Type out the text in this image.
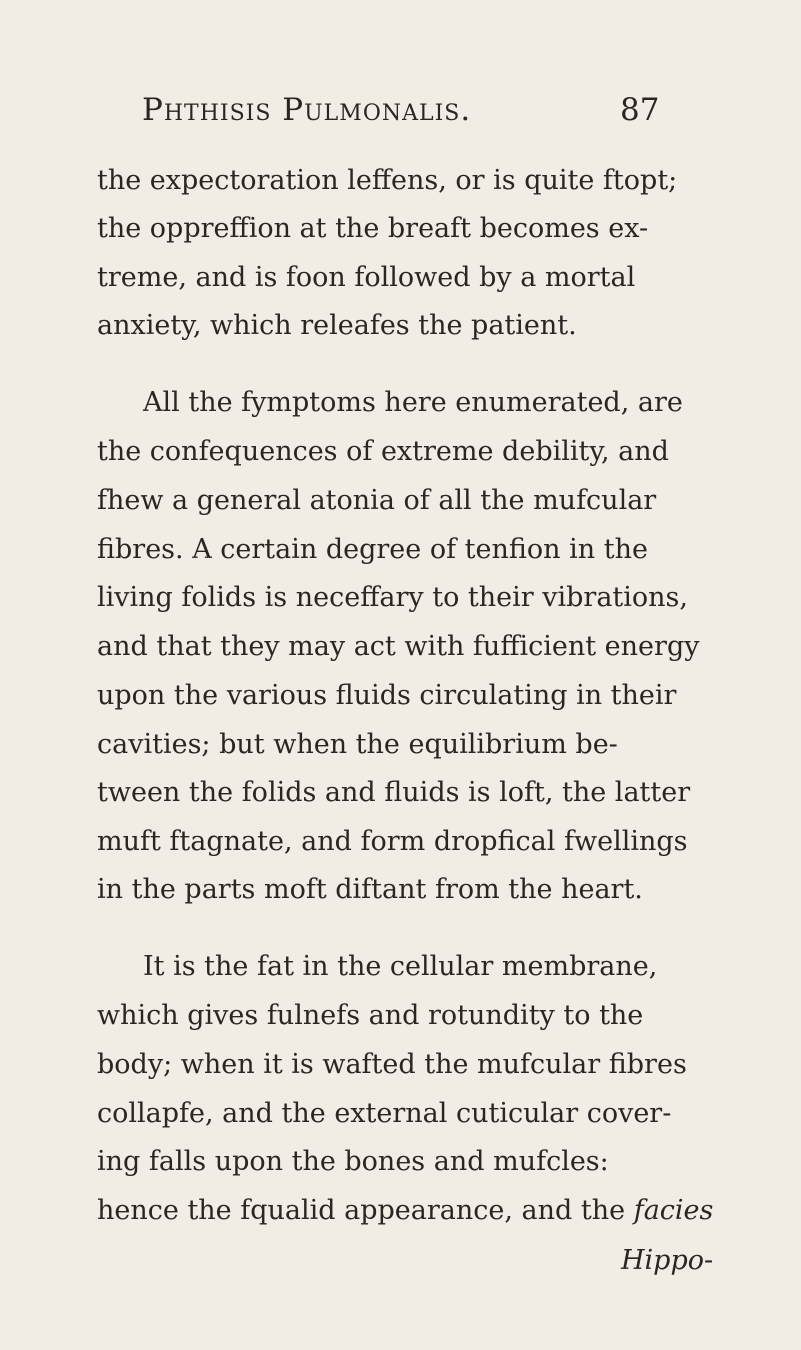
Phthisis Pulmonalis.	87
the expectoration leffens, or is quite ftopt;
the oppreffion at the breaft becomes ex-
treme, and is foon followed by a mortal
anxiety, which releafes the patient.
All the fymptoms here enumerated, are
the confequences of extreme debility, and
fhew a general atonia of all the mufcular
fibres. A certain degree of tenfion in the
living folids is neceffary to their vibrations,
and that they may act with fufficient energy
upon the various fluids circulating in their
cavities; but when the equilibrium be-
tween the folids and fluids is loft, the latter
muft ftagnate, and form dropfical fwellings
in the parts moft diftant from the heart.
It is the fat in the cellular membrane,
which gives fulnefs and rotundity to the
body; when it is wafted the mufcular fibres
collapfe, and the external cuticular cover-
ing falls upon the bones and mufcles:
hence the fqualid appearance, and the facies
Hippo-
